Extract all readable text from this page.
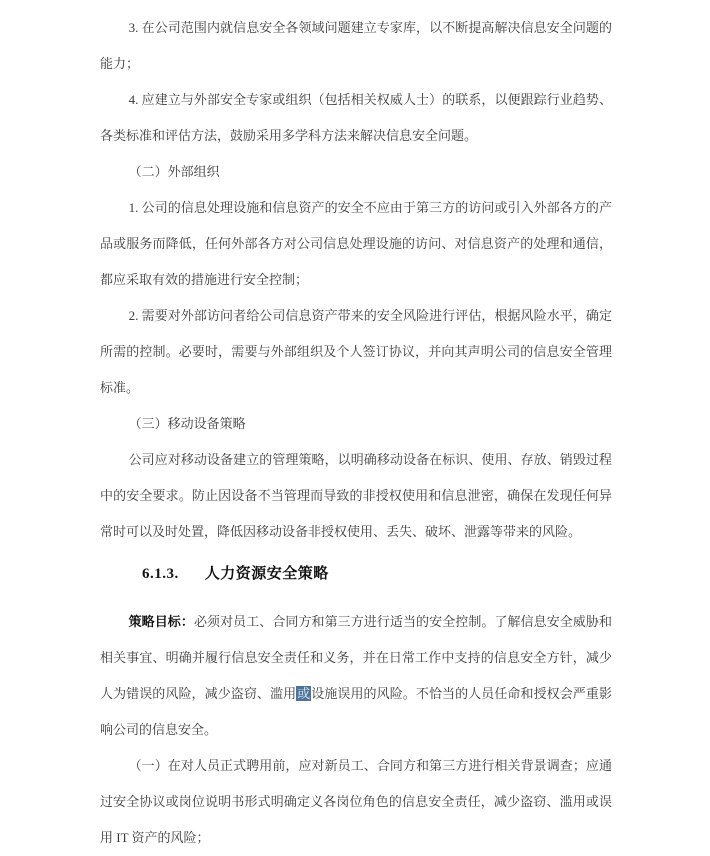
3. 在公司范围内就信息安全各领域问题建立专家库，以不断提高解决信息安全问题的能力；

4. 应建立与外部安全专家或组织（包括相关权威人士）的联系，以便跟踪行业趋势、各类标准和评估方法，鼓励采用多学科方法来解决信息安全问题。

（二）外部组织

1. 公司的信息处理设施和信息资产的安全不应由于第三方的访问或引入外部各方的产品或服务而降低，任何外部各方对公司信息处理设施的访问、对信息资产的处理和通信，都应采取有效的措施进行安全控制；

2. 需要对外部访问者给公司信息资产带来的安全风险进行评估，根据风险水平，确定所需的控制。必要时，需要与外部组织及个人签订协议，并向其声明公司的信息安全管理标准。

（三）移动设备策略

公司应对移动设备建立的管理策略，以明确移动设备在标识、使用、存放、销毁过程中的安全要求。防止因设备不当管理而导致的非授权使用和信息泄密，确保在发现任何异常时可以及时处置，降低因移动设备非授权使用、丢失、破坏、泄露等带来的风险。

6.1.3. 人力资源安全策略

策略目标：必须对员工、合同方和第三方进行适当的安全控制。了解信息安全威胁和相关事宜、明确并履行信息安全责任和义务，并在日常工作中支持的信息安全方针，减少人为错误的风险，减少盗窃、滥用或设施误用的风险。不恰当的人员任命和授权会严重影响公司的信息安全。

（一）在对人员正式聘用前，应对新员工、合同方和第三方进行相关背景调查；应通过安全协议或岗位说明书形式明确定义各岗位角色的信息安全责任，减少盗窃、滥用或误用 IT 资产的风险；
